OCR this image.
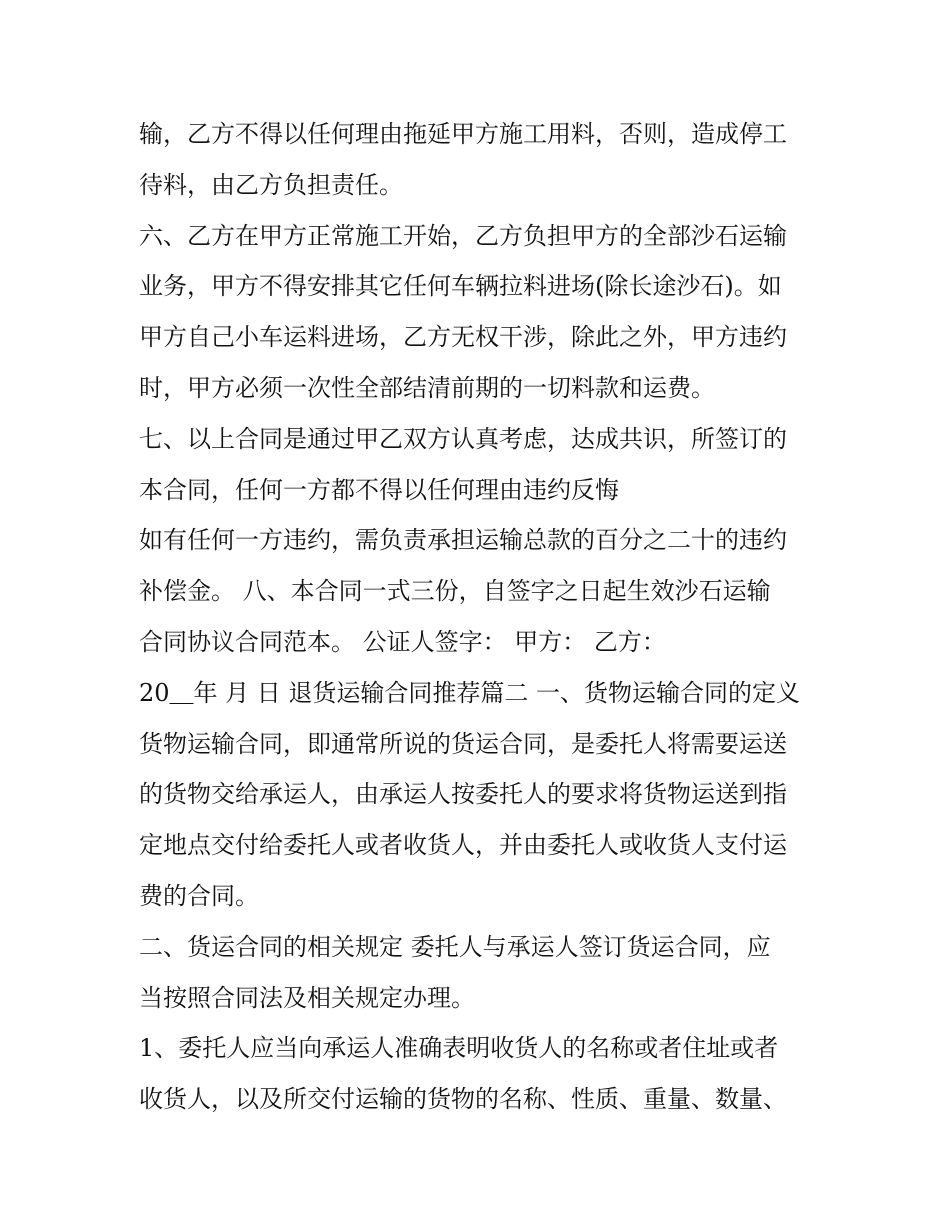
输，乙方不得以任何理由拖延甲方施工用料，否则，造成停工
待料，由乙方负担责任。
六、乙方在甲方正常施工开始，乙方负担甲方的全部沙石运输
业务，甲方不得安排其它任何车辆拉料进场(除长途沙石)。如
甲方自己小车运料进场，乙方无权干涉，除此之外，甲方违约
时，甲方必须一次性全部结清前期的一切料款和运费。
七、以上合同是通过甲乙双方认真考虑，达成共识，所签订的
本合同，任何一方都不得以任何理由违约反悔
如有任何一方违约，需负责承担运输总款的百分之二十的违约
补偿金。 八、本合同一式三份，自签字之日起生效沙石运输
合同协议合同范本。 公证人签字： 甲方： 乙方：
20＿年 月 日 退货运输合同推荐篇二 一、货物运输合同的定义
货物运输合同，即通常所说的货运合同，是委托人将需要运送
的货物交给承运人，由承运人按委托人的要求将货物运送到指
定地点交付给委托人或者收货人，并由委托人或收货人支付运
费的合同。
二、货运合同的相关规定 委托人与承运人签订货运合同，应
当按照合同法及相关规定办理。
1、委托人应当向承运人准确表明收货人的名称或者住址或者
收货人，以及所交付运输的货物的名称、性质、重量、数量、
